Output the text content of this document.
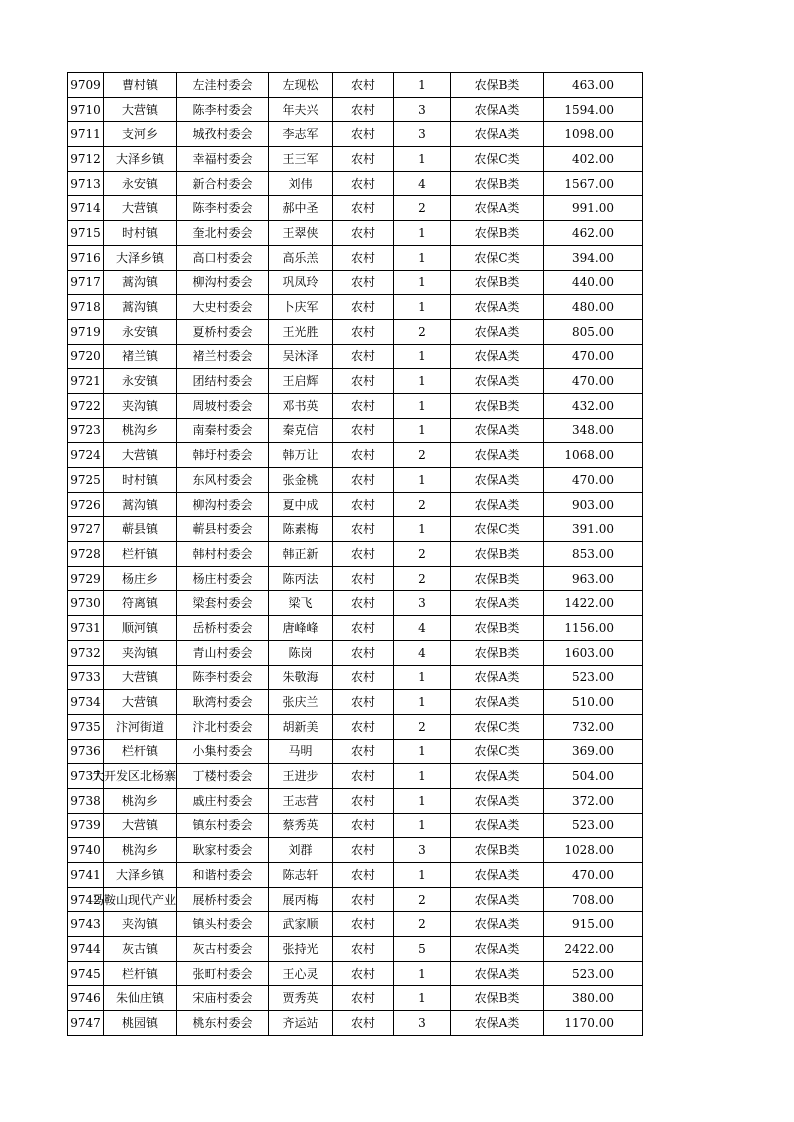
9709	曹村镇	左洼村委会	左现松	农村	1	农保B类	463.00
9710	大营镇	陈李村委会	年夫兴	农村	3	农保A类	1594.00
9711	支河乡	城孜村委会	李志军	农村	3	农保A类	1098.00
9712	大泽乡镇	幸福村委会	王三军	农村	1	农保C类	402.00
9713	永安镇	新合村委会	刘伟	农村	4	农保B类	1567.00
9714	大营镇	陈李村委会	郝中圣	农村	2	农保A类	991.00
9715	时村镇	奎北村委会	王翠侠	农村	1	农保B类	462.00
9716	大泽乡镇	高口村委会	高乐羔	农村	1	农保C类	394.00
9717	蒿沟镇	柳沟村委会	巩凤玲	农村	1	农保B类	440.00
9718	蒿沟镇	大史村委会	卜庆军	农村	1	农保A类	480.00
9719	永安镇	夏桥村委会	王光胜	农村	2	农保A类	805.00
9720	褚兰镇	褚兰村委会	吴沐泽	农村	1	农保A类	470.00
9721	永安镇	团结村委会	王启辉	农村	1	农保A类	470.00
9722	夹沟镇	周坡村委会	邓书英	农村	1	农保B类	432.00
9723	桃沟乡	南秦村委会	秦克信	农村	1	农保A类	348.00
9724	大营镇	韩圩村委会	韩万让	农村	2	农保A类	1068.00
9725	时村镇	东风村委会	张金桃	农村	1	农保A类	470.00
9726	蒿沟镇	柳沟村委会	夏中成	农村	2	农保A类	903.00
9727	蕲县镇	蕲县村委会	陈素梅	农村	1	农保C类	391.00
9728	栏杆镇	韩村村委会	韩正新	农村	2	农保B类	853.00
9729	杨庄乡	杨庄村委会	陈丙法	农村	2	农保B类	963.00
9730	符离镇	梁套村委会	梁飞	农村	3	农保A类	1422.00
9731	顺河镇	岳桥村委会	唐峰峰	农村	4	农保B类	1156.00
9732	夹沟镇	青山村委会	陈岗	农村	4	农保B类	1603.00
9733	大营镇	陈李村委会	朱敬海	农村	1	农保A类	523.00
9734	大营镇	耿湾村委会	张庆兰	农村	1	农保A类	510.00
9735	汴河街道	汴北村委会	胡新美	农村	2	农保C类	732.00
9736	栏杆镇	小集村委会	马明	农村	1	农保C类	369.00
9737	大开发区北杨寨	丁楼村委会	王进步	农村	1	农保A类	504.00
9738	桃沟乡	戚庄村委会	王志营	农村	1	农保A类	372.00
9739	大营镇	镇东村委会	蔡秀英	农村	1	农保A类	523.00
9740	桃沟乡	耿家村委会	刘群	农村	3	农保B类	1028.00
9741	大泽乡镇	和谐村委会	陈志轩	农村	1	农保A类	470.00
9742	马鞍山现代产业	展桥村委会	展丙梅	农村	2	农保A类	708.00
9743	夹沟镇	镇头村委会	武家顺	农村	2	农保A类	915.00
9744	灰古镇	灰古村委会	张持光	农村	5	农保A类	2422.00
9745	栏杆镇	张町村委会	王心灵	农村	1	农保A类	523.00
9746	朱仙庄镇	宋庙村委会	贾秀英	农村	1	农保B类	380.00
9747	桃园镇	桃东村委会	齐运站	农村	3	农保A类	1170.00
